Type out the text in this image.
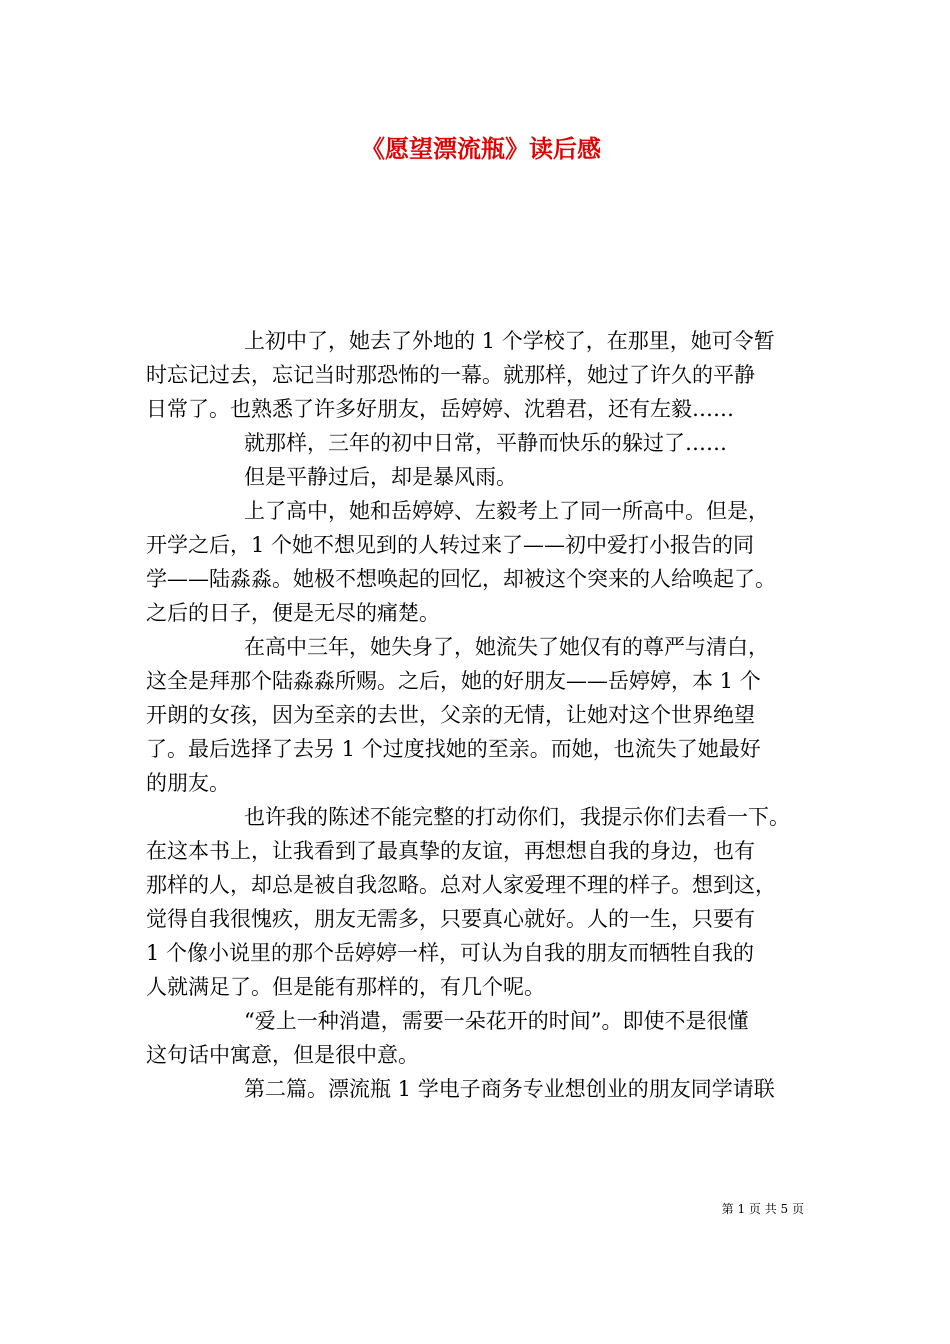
《愿望漂流瓶》读后感
上初中了，她去了外地的 1 个学校了，在那里，她可令暂
时忘记过去，忘记当时那恐怖的一幕。就那样，她过了许久的平静
日常了。也熟悉了许多好朋友，岳婷婷、沈碧君，还有左毅……
就那样，三年的初中日常，平静而快乐的躲过了……
但是平静过后，却是暴风雨。
上了高中，她和岳婷婷、左毅考上了同一所高中。但是，
开学之后，1 个她不想见到的人转过来了——初中爱打小报告的同
学——陆淼淼。她极不想唤起的回忆，却被这个突来的人给唤起了。
之后的日子，便是无尽的痛楚。
在高中三年，她失身了，她流失了她仅有的尊严与清白，
这全是拜那个陆淼淼所赐。之后，她的好朋友——岳婷婷，本 1 个
开朗的女孩，因为至亲的去世，父亲的无情，让她对这个世界绝望
了。最后选择了去另 1 个过度找她的至亲。而她，也流失了她最好
的朋友。
也许我的陈述不能完整的打动你们，我提示你们去看一下。
在这本书上，让我看到了最真挚的友谊，再想想自我的身边，也有
那样的人，却总是被自我忽略。总对人家爱理不理的样子。想到这，
觉得自我很愧疚，朋友无需多，只要真心就好。人的一生，只要有
1 个像小说里的那个岳婷婷一样，可认为自我的朋友而牺牲自我的
人就满足了。但是能有那样的，有几个呢。
“爱上一种消遣，需要一朵花开的时间”。即使不是很懂
这句话中寓意，但是很中意。
第二篇。漂流瓶 1 学电子商务专业想创业的朋友同学请联
第 1 页 共 5 页
